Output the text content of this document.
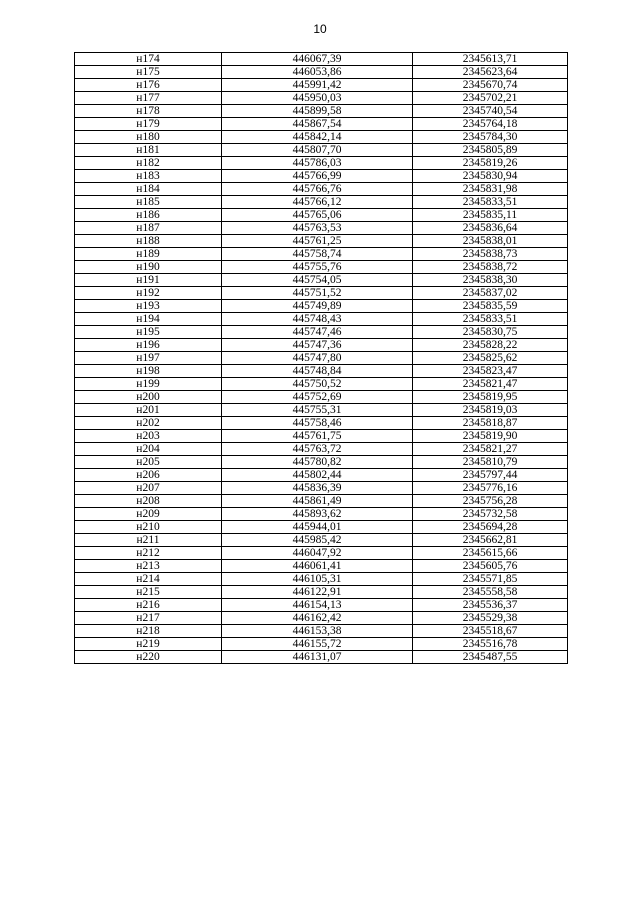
10
н174	446067,39	2345613,71
н175	446053,86	2345623,64
н176	445991,42	2345670,74
н177	445950,03	2345702,21
н178	445899,58	2345740,54
н179	445867,54	2345764,18
н180	445842,14	2345784,30
н181	445807,70	2345805,89
н182	445786,03	2345819,26
н183	445766,99	2345830,94
н184	445766,76	2345831,98
н185	445766,12	2345833,51
н186	445765,06	2345835,11
н187	445763,53	2345836,64
н188	445761,25	2345838,01
н189	445758,74	2345838,73
н190	445755,76	2345838,72
н191	445754,05	2345838,30
н192	445751,52	2345837,02
н193	445749,89	2345835,59
н194	445748,43	2345833,51
н195	445747,46	2345830,75
н196	445747,36	2345828,22
н197	445747,80	2345825,62
н198	445748,84	2345823,47
н199	445750,52	2345821,47
н200	445752,69	2345819,95
н201	445755,31	2345819,03
н202	445758,46	2345818,87
н203	445761,75	2345819,90
н204	445763,72	2345821,27
н205	445780,82	2345810,79
н206	445802,44	2345797,44
н207	445836,39	2345776,16
н208	445861,49	2345756,28
н209	445893,62	2345732,58
н210	445944,01	2345694,28
н211	445985,42	2345662,81
н212	446047,92	2345615,66
н213	446061,41	2345605,76
н214	446105,31	2345571,85
н215	446122,91	2345558,58
н216	446154,13	2345536,37
н217	446162,42	2345529,38
н218	446153,38	2345518,67
н219	446155,72	2345516,78
н220	446131,07	2345487,55
